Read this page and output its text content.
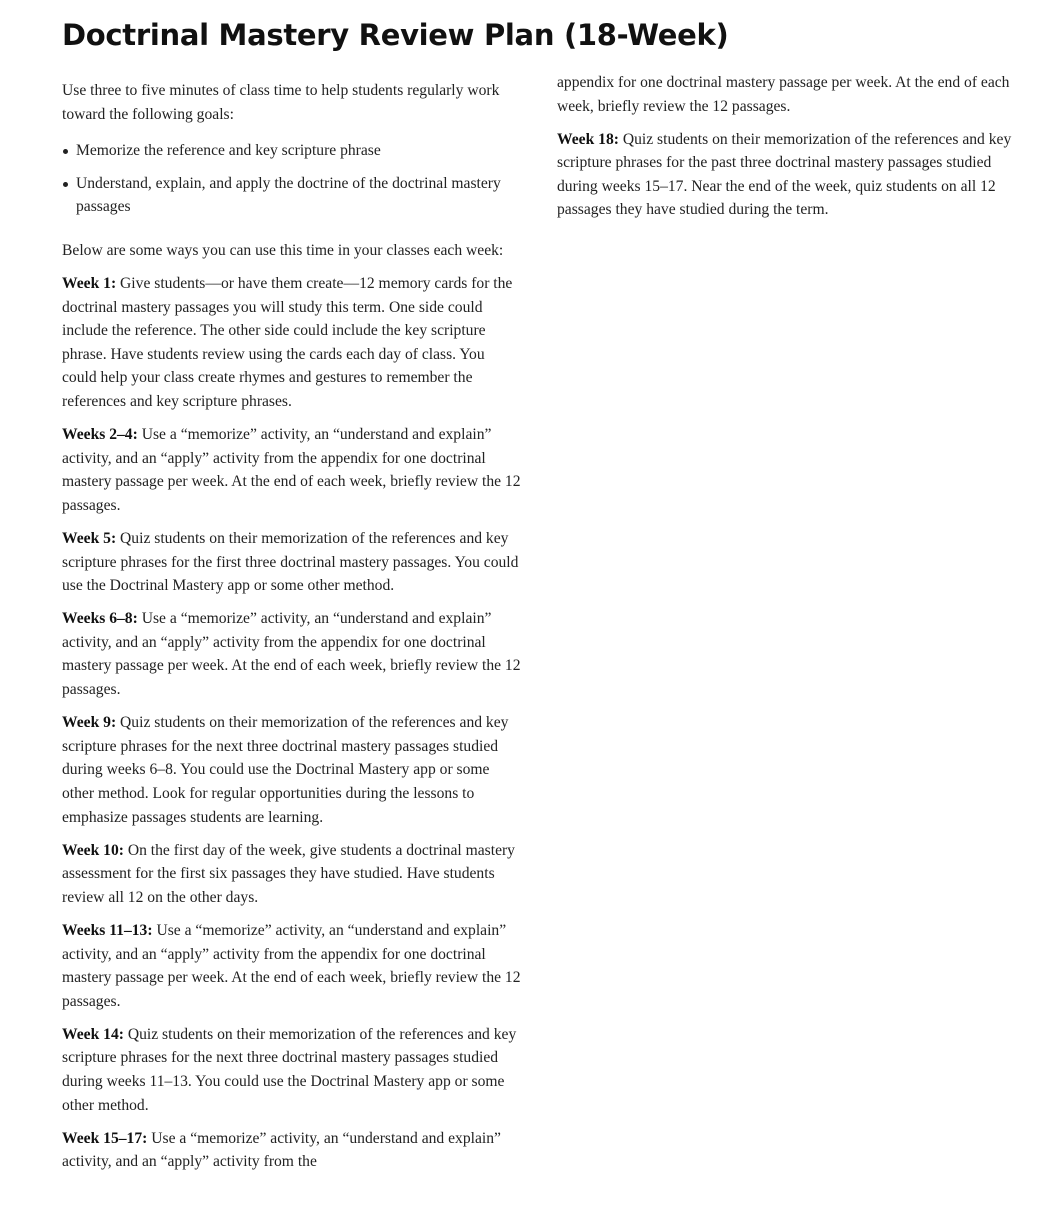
Doctrinal Mastery Review Plan (18-Week)

Use three to five minutes of class time to help students regularly work toward the following goals:

Memorize the reference and key scripture phrase
Understand, explain, and apply the doctrine of the doctrinal mastery passages

Below are some ways you can use this time in your classes each week:

Week 1: Give students—or have them create—12 memory cards for the doctrinal mastery passages you will study this term. One side could include the reference. The other side could include the key scripture phrase. Have students review using the cards each day of class. You could help your class create rhymes and gestures to remember the references and key scripture phrases.

Weeks 2–4: Use a “memorize” activity, an “understand and explain” activity, and an “apply” activity from the appendix for one doctrinal mastery passage per week. At the end of each week, briefly review the 12 passages.

Week 5: Quiz students on their memorization of the references and key scripture phrases for the first three doctrinal mastery passages. You could use the Doctrinal Mastery app or some other method.

Weeks 6–8: Use a “memorize” activity, an “understand and explain” activity, and an “apply” activity from the appendix for one doctrinal mastery passage per week. At the end of each week, briefly review the 12 passages.

Week 9: Quiz students on their memorization of the references and key scripture phrases for the next three doctrinal mastery passages studied during weeks 6–8. You could use the Doctrinal Mastery app or some other method. Look for regular opportunities during the lessons to emphasize passages students are learning.

Week 10: On the first day of the week, give students a doctrinal mastery assessment for the first six passages they have studied. Have students review all 12 on the other days.

Weeks 11–13: Use a “memorize” activity, an “understand and explain” activity, and an “apply” activity from the appendix for one doctrinal mastery passage per week. At the end of each week, briefly review the 12 passages.

Week 14: Quiz students on their memorization of the references and key scripture phrases for the next three doctrinal mastery passages studied during weeks 11–13. You could use the Doctrinal Mastery app or some other method.

Week 15–17: Use a “memorize” activity, an “understand and explain” activity, and an “apply” activity from the

appendix for one doctrinal mastery passage per week. At the end of each week, briefly review the 12 passages.

Week 18: Quiz students on their memorization of the references and key scripture phrases for the past three doctrinal mastery passages studied during weeks 15–17. Near the end of the week, quiz students on all 12 passages they have studied during the term.
